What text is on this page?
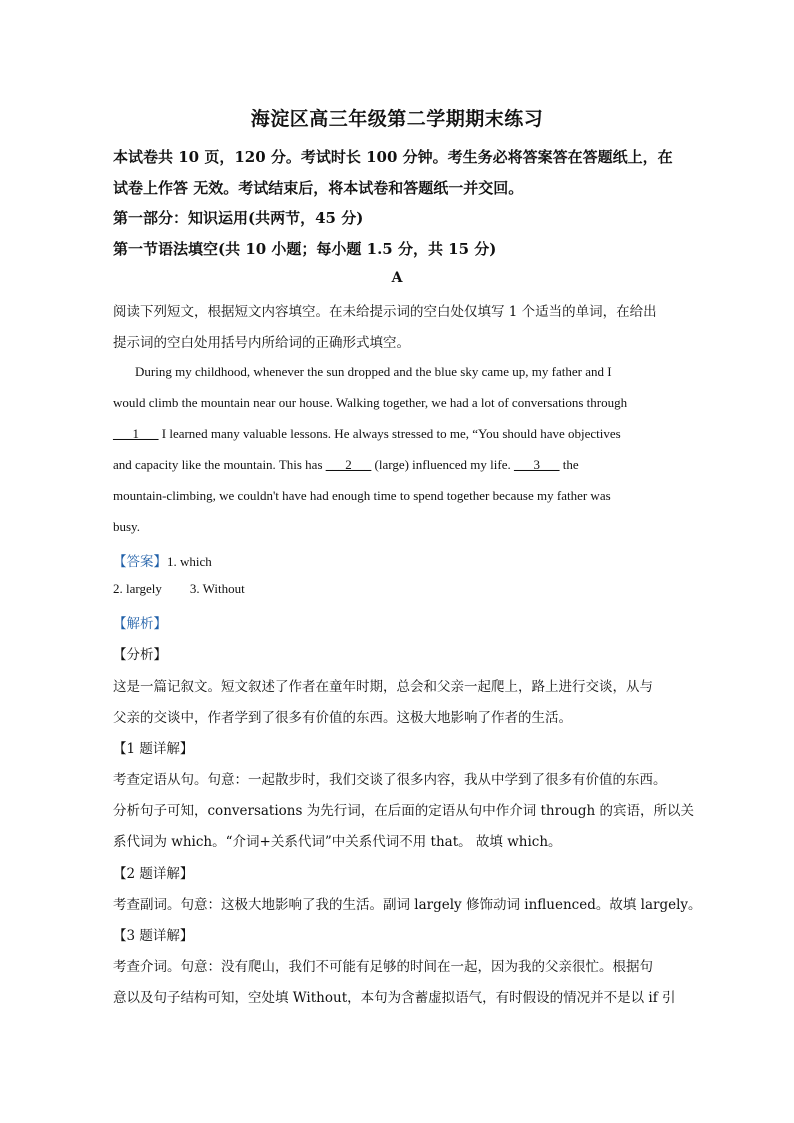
海淀区高三年级第二学期期末练习
本试卷共 10 页，120 分。考试时长 100 分钟。考生务必将答案答在答题纸上，在
试卷上作答 无效。考试结束后，将本试卷和答题纸一并交回。
第一部分：知识运用(共两节，45 分)
第一节语法填空(共 10 小题；每小题 1.5 分，共 15 分)
A
阅读下列短文，根据短文内容填空。在未给提示词的空白处仅填写 1 个适当的单词，在给出
提示词的空白处用括号内所给词的正确形式填空。
During my childhood, whenever the sun dropped and the blue sky came up, my father and I
would climb the mountain near our house. Walking together, we had a lot of conversations through
___1___ I learned many valuable lessons. He always stressed to me, “You should have objectives
and capacity like the mountain. This has ___2___ (large) influenced my life. ___3___ the
mountain-climbing, we couldn't have had enough time to spend together because my father was
busy.
【答案】1. which
2. largely 3. Without
【解析】
【分析】
这是一篇记叙文。短文叙述了作者在童年时期，总会和父亲一起爬上，路上进行交谈，从与
父亲的交谈中，作者学到了很多有价值的东西。这极大地影响了作者的生活。
【1 题详解】
考查定语从句。句意：一起散步时，我们交谈了很多内容，我从中学到了很多有价值的东西。
分析句子可知，conversations 为先行词，在后面的定语从句中作介词 through 的宾语，所以关
系代词为 which。“介词+关系代词”中关系代词不用 that。 故填 which。
【2 题详解】
考查副词。句意：这极大地影响了我的生活。副词 largely 修饰动词 influenced。故填 largely。
【3 题详解】
考查介词。句意：没有爬山，我们不可能有足够的时间在一起，因为我的父亲很忙。根据句
意以及句子结构可知，空处填 Without，本句为含蓄虚拟语气，有时假设的情况并不是以 if 引
